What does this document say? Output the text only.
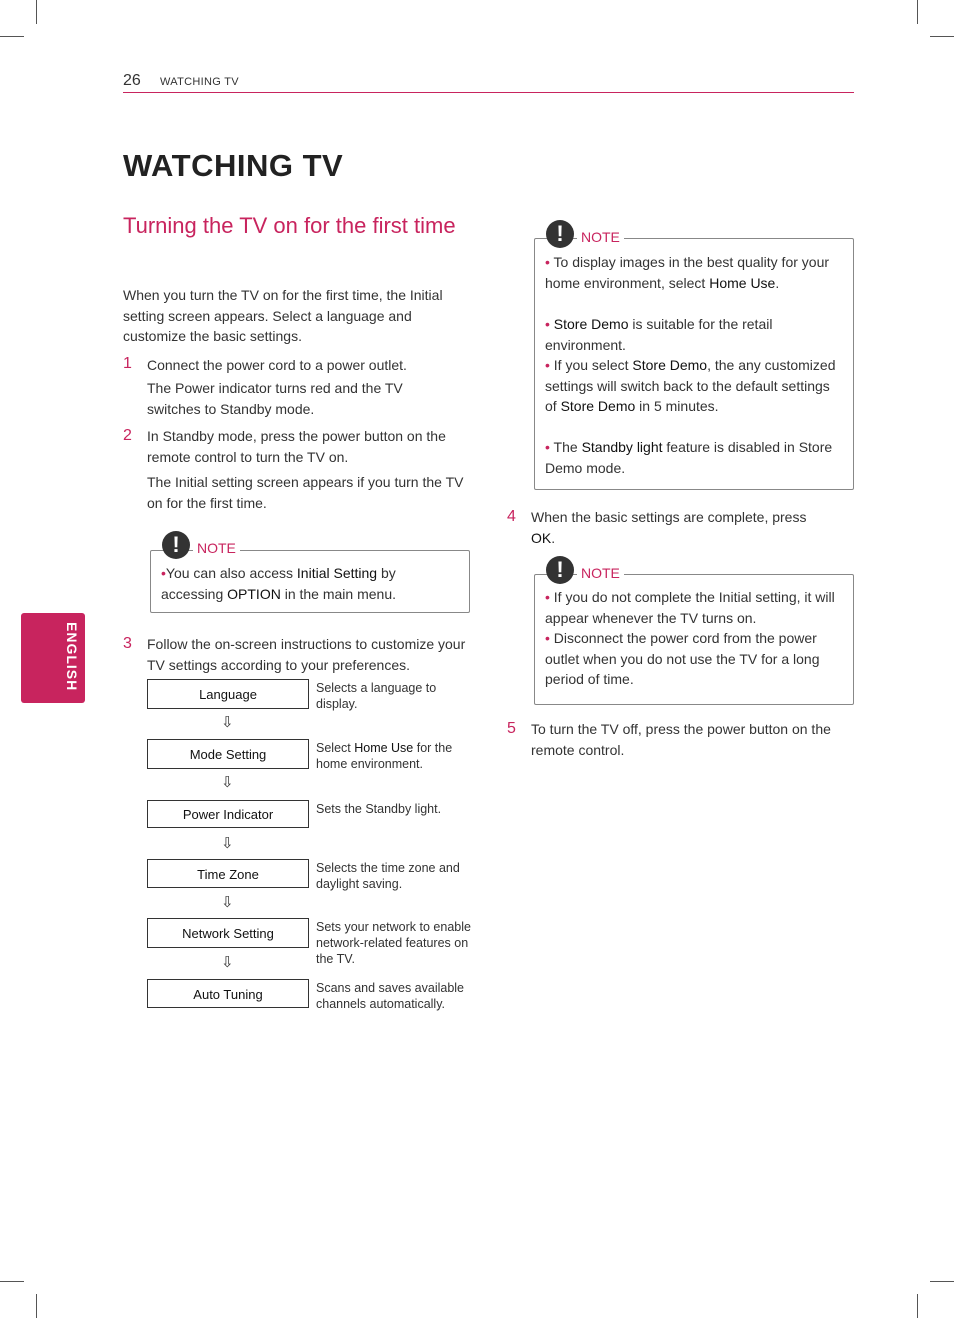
26 WATCHING TV
WATCHING TV
Turning the TV on for the first time
When you turn the TV on for the first time, the Initial setting screen appears. Select a language and customize the basic settings.
ENGLISH
1 Connect the power cord to a power outlet.
The Power indicator turns red and the TV switches to Standby mode.
2 In Standby mode, press the power button on the remote control to turn the TV on.
The Initial setting screen appears if you turn the TV on for the first time.
!	NOTE
•You can also access Initial Setting by accessing OPTION in the main menu.
3 Follow the on-screen instructions to customize your TV settings according to your preferences.
Language	Selects a language to display.
⇩
Mode Setting	Select Home Use for the home environment.
⇩
Power Indicator	Sets the Standby light.
⇩
Time Zone	Selects the time zone and daylight saving.
⇩
Network Setting	Sets your network to enable network-related features on the TV.
⇩
Auto Tuning	Scans and saves available channels automatically.
!	NOTE
• To display images in the best quality for your home environment, select Home Use.
• Store Demo is suitable for the retail environment.
• If you select Store Demo, the any customized settings will switch back to the default settings of Store Demo in 5 minutes.
• The Standby light feature is disabled in Store Demo mode.
4 When the basic settings are complete, press OK.
!	NOTE
• If you do not complete the Initial setting, it will appear whenever the TV turns on.
• Disconnect the power cord from the power outlet when you do not use the TV for a long period of time.
5 To turn the TV off, press the power button on the remote control.
